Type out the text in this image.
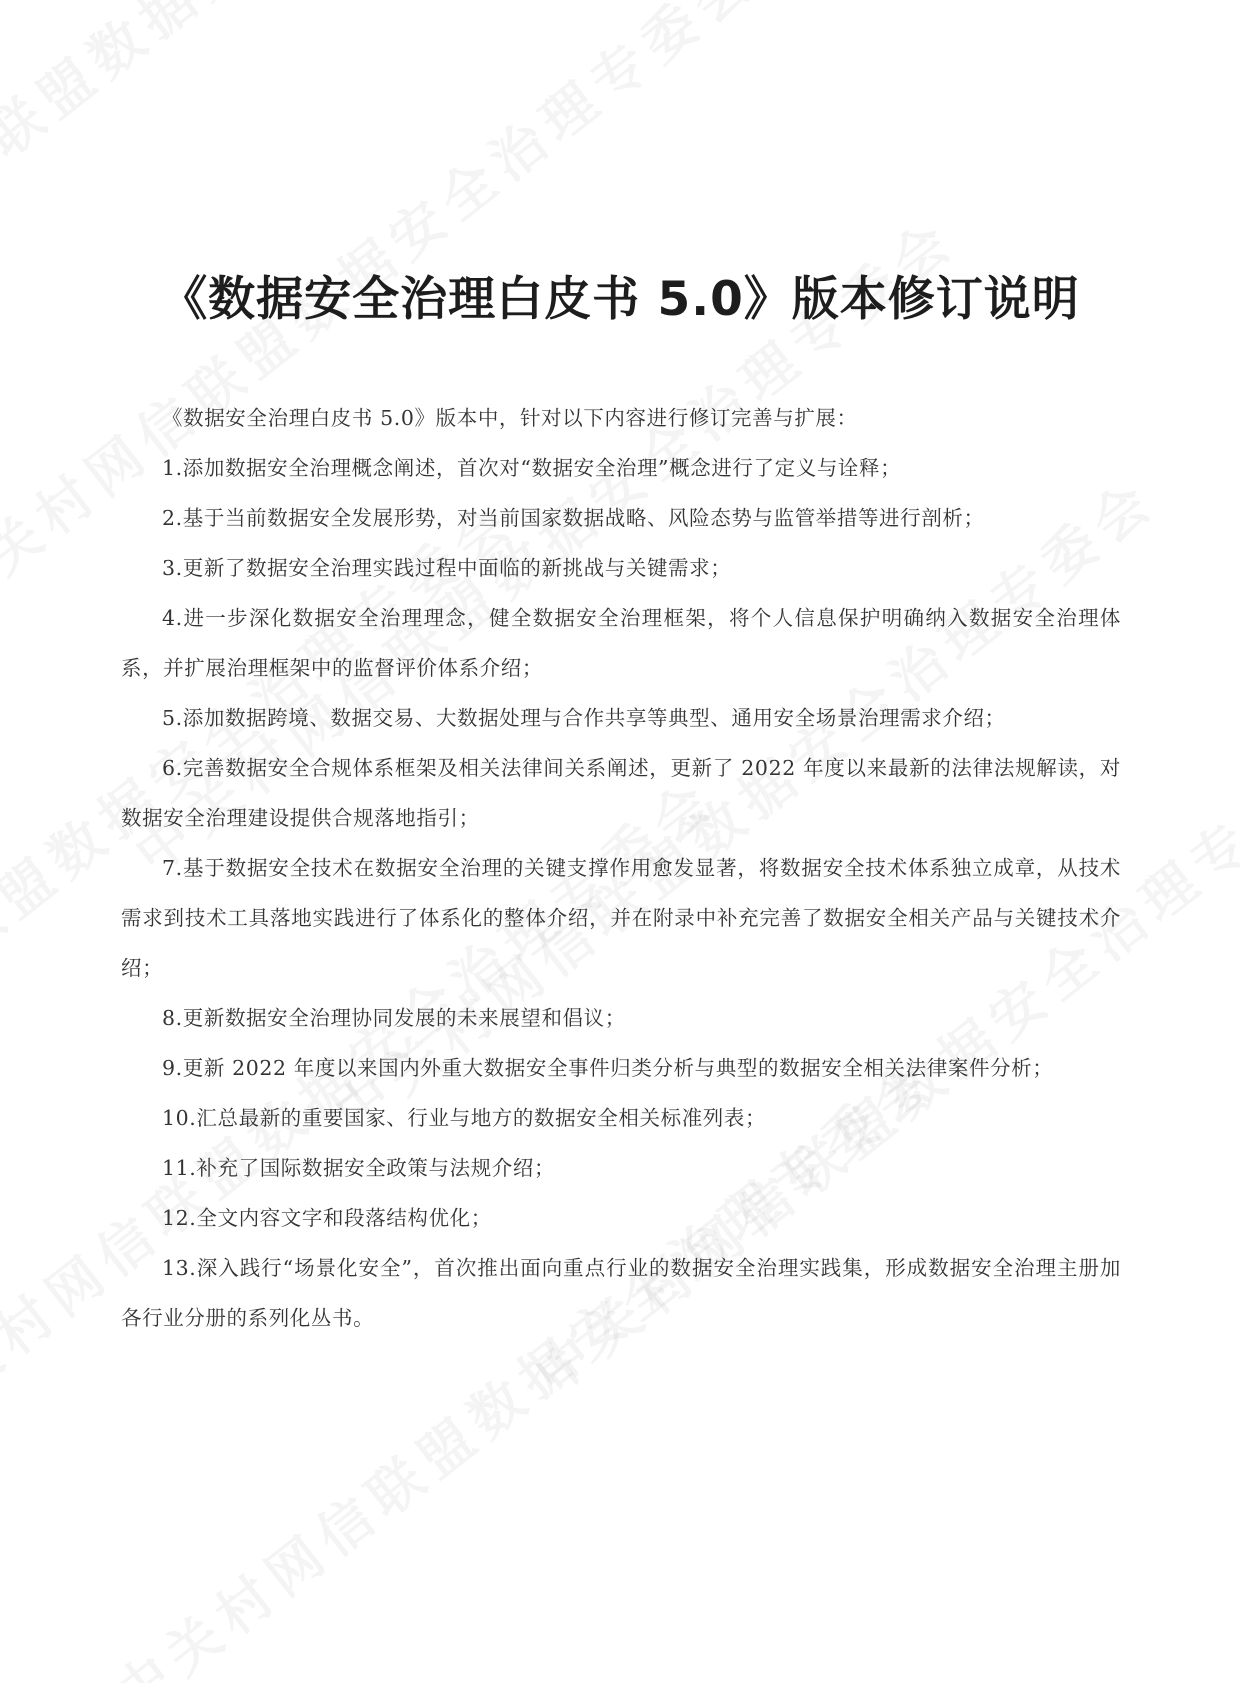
《数据安全治理白皮书 5.0》版本修订说明

《数据安全治理白皮书 5.0》版本中，针对以下内容进行修订完善与扩展：

1.添加数据安全治理概念阐述，首次对“数据安全治理”概念进行了定义与诠释；

2.基于当前数据安全发展形势，对当前国家数据战略、风险态势与监管举措等进行剖析；

3.更新了数据安全治理实践过程中面临的新挑战与关键需求；

4.进一步深化数据安全治理理念，健全数据安全治理框架，将个人信息保护明确纳入数据安全治理体系，并扩展治理框架中的监督评价体系介绍；

5.添加数据跨境、数据交易、大数据处理与合作共享等典型、通用安全场景治理需求介绍；

6.完善数据安全合规体系框架及相关法律间关系阐述，更新了 2022 年度以来最新的法律法规解读，对数据安全治理建设提供合规落地指引；

7.基于数据安全技术在数据安全治理的关键支撑作用愈发显著，将数据安全技术体系独立成章，从技术需求到技术工具落地实践进行了体系化的整体介绍，并在附录中补充完善了数据安全相关产品与关键技术介绍；

8.更新数据安全治理协同发展的未来展望和倡议；

9.更新 2022 年度以来国内外重大数据安全事件归类分析与典型的数据安全相关法律案件分析；

10.汇总最新的重要国家、行业与地方的数据安全相关标准列表；

11.补充了国际数据安全政策与法规介绍；

12.全文内容文字和段落结构优化；

13.深入践行“场景化安全”，首次推出面向重点行业的数据安全治理实践集，形成数据安全治理主册加各行业分册的系列化丛书。
